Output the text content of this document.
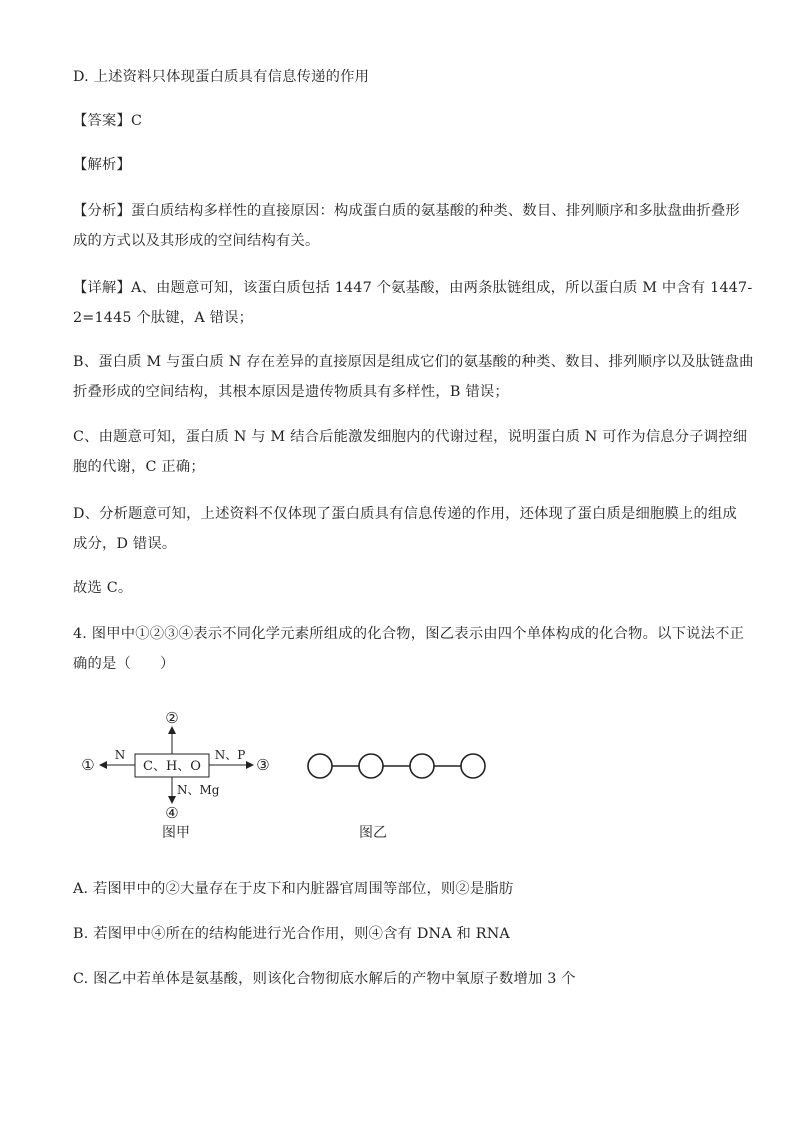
D. 上述资料只体现蛋白质具有信息传递的作用
【答案】C
【解析】
【分析】蛋白质结构多样性的直接原因：构成蛋白质的氨基酸的种类、数目、排列顺序和多肽盘曲折叠形
成的方式以及其形成的空间结构有关。
【详解】A、由题意可知，该蛋白质包括 1447 个氨基酸，由两条肽链组成，所以蛋白质 M 中含有 1447-
2=1445 个肽键，A 错误；
B、蛋白质 M 与蛋白质 N 存在差异的直接原因是组成它们的氨基酸的种类、数目、排列顺序以及肽链盘曲
折叠形成的空间结构，其根本原因是遗传物质具有多样性，B 错误；
C、由题意可知，蛋白质 N 与 M 结合后能激发细胞内的代谢过程，说明蛋白质 N 可作为信息分子调控细
胞的代谢，C 正确；
D、分析题意可知，上述资料不仅体现了蛋白质具有信息传递的作用，还体现了蛋白质是细胞膜上的组成
成分，D 错误。
故选 C。
4. 图甲中①②③④表示不同化学元素所组成的化合物，图乙表示由四个单体构成的化合物。以下说法不正
确的是（　　）
C、H、O
N
①
②
N、P
③
N、Mg
④
图甲	图乙
A. 若图甲中的②大量存在于皮下和内脏器官周围等部位，则②是脂肪
B. 若图甲中④所在的结构能进行光合作用，则④含有 DNA 和 RNA
C. 图乙中若单体是氨基酸，则该化合物彻底水解后的产物中氧原子数增加 3 个
